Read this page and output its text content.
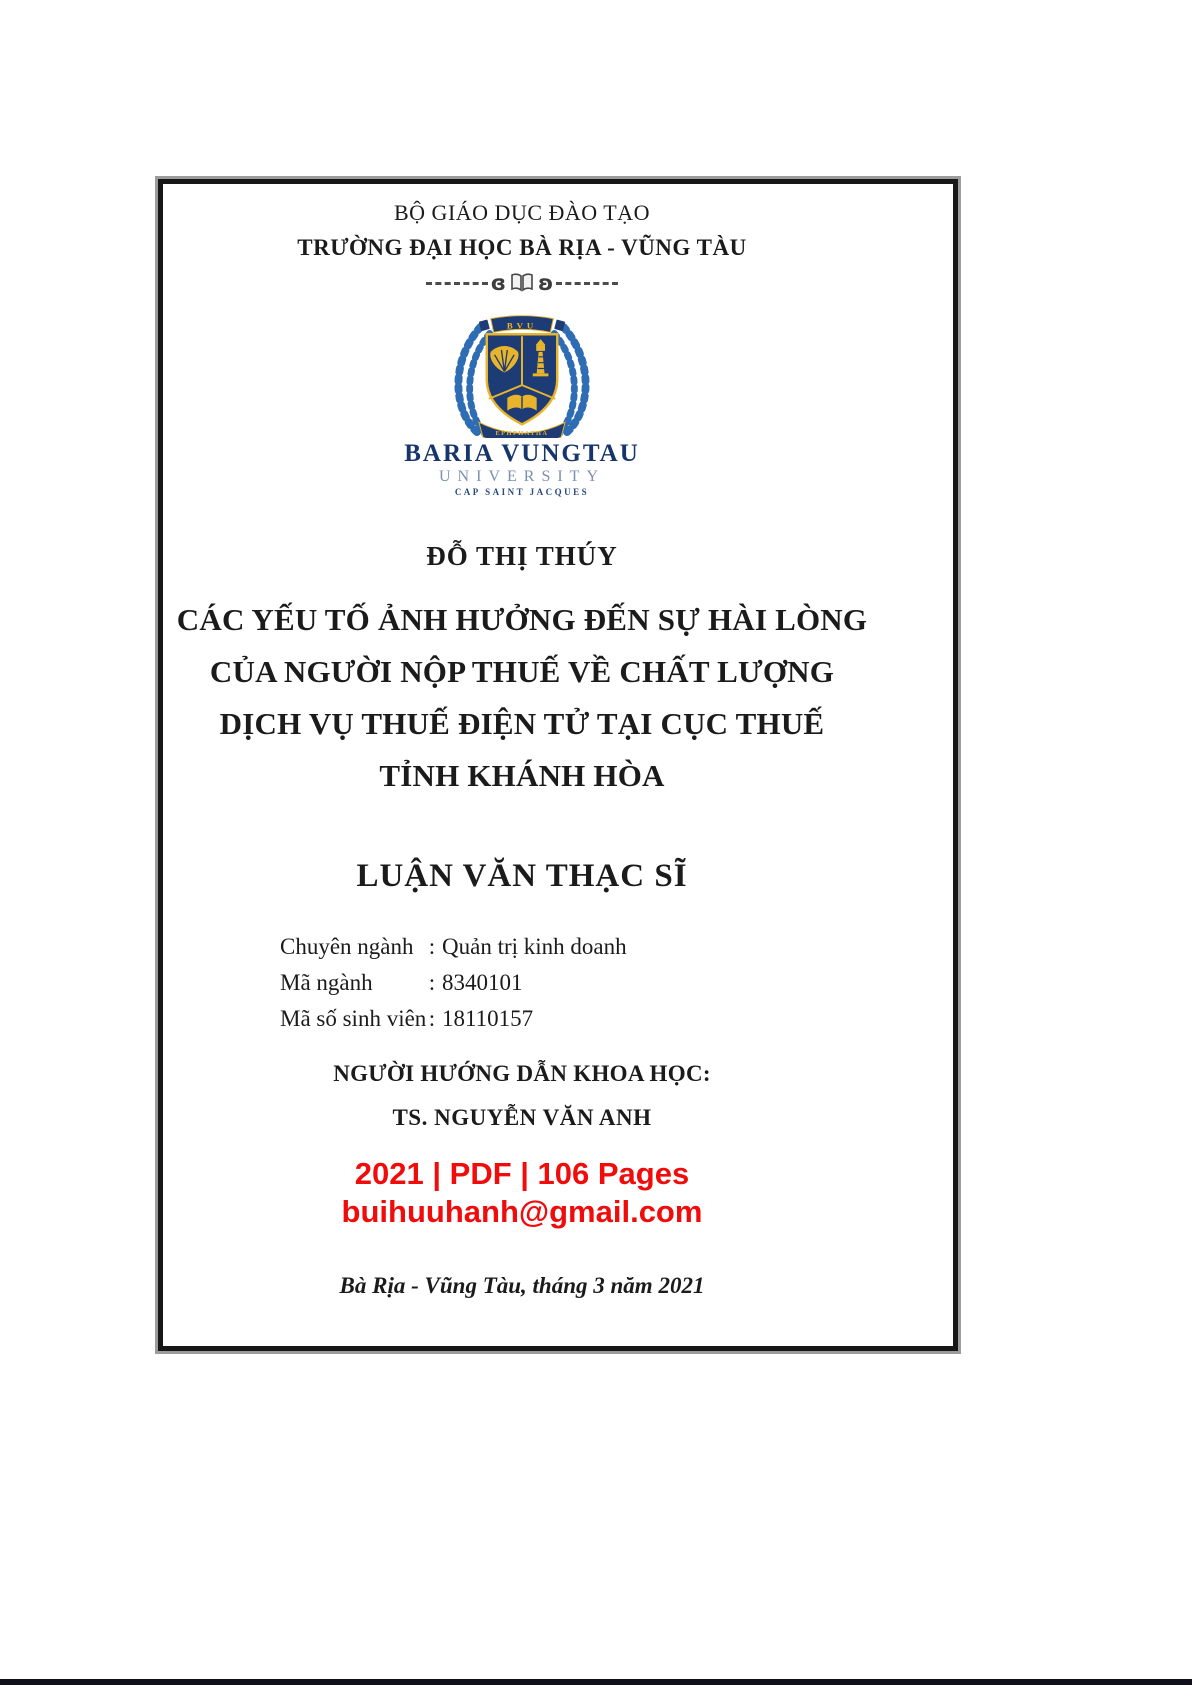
BỘ GIÁO DỤC ĐÀO TẠO
TRƯỜNG ĐẠI HỌC BÀ RỊA - VŨNG TÀU
ɞ ʚ
BVU
EPHPHATHA
BARIA VUNGTAU
UNIVERSITY
CAP SAINT JACQUES
ĐỖ THỊ THÚY
CÁC YẾU TỐ ẢNH HƯỞNG ĐẾN SỰ HÀI LÒNG
CỦA NGƯỜI NỘP THUẾ VỀ CHẤT LƯỢNG
DỊCH VỤ THUẾ ĐIỆN TỬ TẠI CỤC THUẾ
TỈNH KHÁNH HÒA
LUẬN VĂN THẠC SĨ
Chuyên ngành : Quản trị kinh doanh
Mã ngành	: 8340101
Mã số sinh viên : 18110157
NGƯỜI HƯỚNG DẪN KHOA HỌC:
TS. NGUYỄN VĂN ANH
2021 | PDF | 106 Pages
buihuuhanh@gmail.com
Bà Rịa - Vũng Tàu, tháng 3 năm 2021
